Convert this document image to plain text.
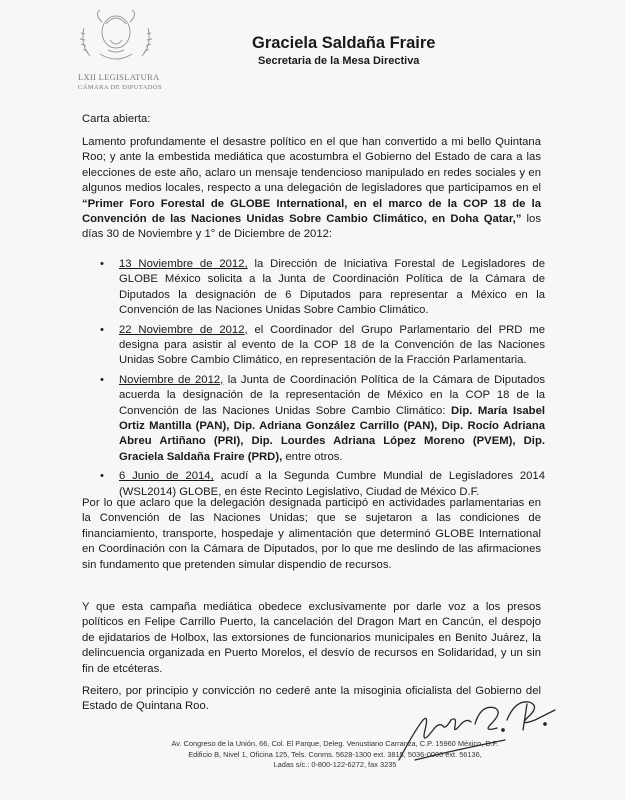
LXII LEGISLATURA
CÁMARA DE DIPUTADOS
Graciela Saldaña Fraire
Secretaria de la Mesa Directiva
Carta abierta:

Lamento profundamente el desastre político en el que han convertido a mi bello Quintana Roo; y ante la embestida mediática que acostumbra el Gobierno del Estado de cara a las elecciones de este año, aclaro un mensaje tendencioso manipulado en redes sociales y en algunos medios locales, respecto a una delegación de legisladores que participamos en el “Primer Foro Forestal de GLOBE International, en el marco de la COP 18 de la Convención de las Naciones Unidas Sobre Cambio Climático, en Doha Qatar,” los días 30 de Noviembre y 1° de Diciembre de 2012:

• 13 Noviembre de 2012, la Dirección de Iniciativa Forestal de Legisladores de GLOBE México solicita a la Junta de Coordinación Política de la Cámara de Diputados la designación de 6 Diputados para representar a México en la Convención de las Naciones Unidas Sobre Cambio Climático.
• 22 Noviembre de 2012, el Coordinador del Grupo Parlamentario del PRD me designa para asistir al evento de la COP 18 de la Convención de las Naciones Unidas Sobre Cambio Climático, en representación de la Fracción Parlamentaria.
• Noviembre de 2012, la Junta de Coordinación Política de la Cámara de Diputados acuerda la designación de la representación de México en la COP 18 de la Convención de las Naciones Unidas Sobre Cambio Climático: Dip. María Isabel Ortiz Mantilla (PAN), Dip. Adriana González Carrillo (PAN), Dip. Rocío Adriana Abreu Artiñano (PRI), Dip. Lourdes Adriana López Moreno (PVEM), Dip. Graciela Saldaña Fraire (PRD), entre otros.
• 6 Junio de 2014, acudí a la Segunda Cumbre Mundial de Legisladores 2014 (WSL2014) GLOBE, en éste Recinto Legislativo, Ciudad de México D.F.

Por lo que aclaro que la delegación designada participó en actividades parlamentarias en la Convención de las Naciones Unidas; que se sujetaron a las condiciones de financiamiento, transporte, hospedaje y alimentación que determinó GLOBE International en Coordinación con la Cámara de Diputados, por lo que me deslindo de las afirmaciones sin fundamento que pretenden simular dispendio de recursos.

Y que esta campaña mediática obedece exclusivamente por darle voz a los presos políticos en Felipe Carrillo Puerto, la cancelación del Dragon Mart en Cancún, el despojo de ejidatarios de Holbox, las extorsiones de funcionarios municipales en Benito Juárez, la delincuencia organizada en Puerto Morelos, el desvío de recursos en Solidaridad, y un sin fin de etcéteras.

Reitero, por principio y convicción no cederé ante la misoginia oficialista del Gobierno del Estado de Quintana Roo.

Av. Congreso de la Unión, 66, Col. El Parque, Deleg. Venustiano Carranza, C.P. 15960 México, D.F.
Edificio B, Nivel 1, Oficina 125, Tels. Conms. 5628-1300 ext. 3815, 5036-0000 ext. 56136,
Ladas s/c.: 0-800-122-6272, fax 3235
